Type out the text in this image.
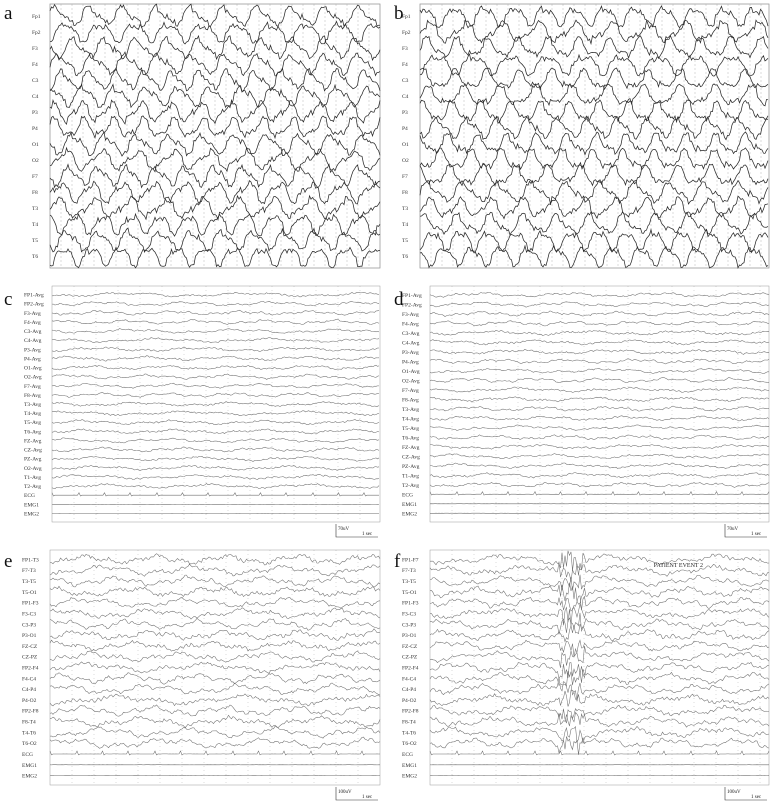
a	Fp1
Fp2
F3
F4
C3
C4
P3
P4
O1
O2
F7
F8
T3
T4
T5
T6
b
Fp1
Fp2
F3
F4
C3
C4
P3
P4
O1
O2
F7
F8
T3
T4
T5
T6
c FP1-Avg
FP2-Avg
F3-Avg
F4-Avg
C3-Avg
C4-Avg
P3-Avg
P4-Avg
O1-Avg
O2-Avg
F7-Avg
F8-Avg
T3-Avg
T4-Avg
T5-Avg
T6-Avg
FZ-Avg
CZ-Avg
PZ-Avg
O2-Avg
T1-Avg
T2-Avg
ECG
EMG1
EMG2
70uV
1 sec
d
FP1-Avg
FP2-Avg
F3-Avg
F4-Avg
C3-Avg
C4-Avg
P3-Avg
P4-Avg
O1-Avg
O2-Avg
F7-Avg
F8-Avg
T3-Avg
T4-Avg
T5-Avg
T6-Avg
FZ-Avg
CZ-Avg
PZ-Avg
T1-Avg
T2-Avg
ECG
EMG1
EMG2
70uV
1 sec
e FP1-T3
F7-T3
T3-T5
T5-O1
FP1-F3
F3-C3
C3-P3
P3-O1
FZ-CZ
CZ-PZ
FP2-F4
F4-C4
C4-P4
P4-O2
FP2-F8
F8-T4
T4-T6
T6-O2
ECG
EMG1
EMG2
100uV
1 sec
f FP1-F7
F7-T3
T3-T5
T5-O1
FP1-F3
F3-C3
C3-P3
P3-O1
FZ-CZ
CZ-PZ
FP2-F4
F4-C4
C4-P4
P4-O2
FP2-F8
F8-T4
T4-T6
T6-O2
ECG
EMG1
EMG2
PATIENT EVENT 2
100uV
1 sec
